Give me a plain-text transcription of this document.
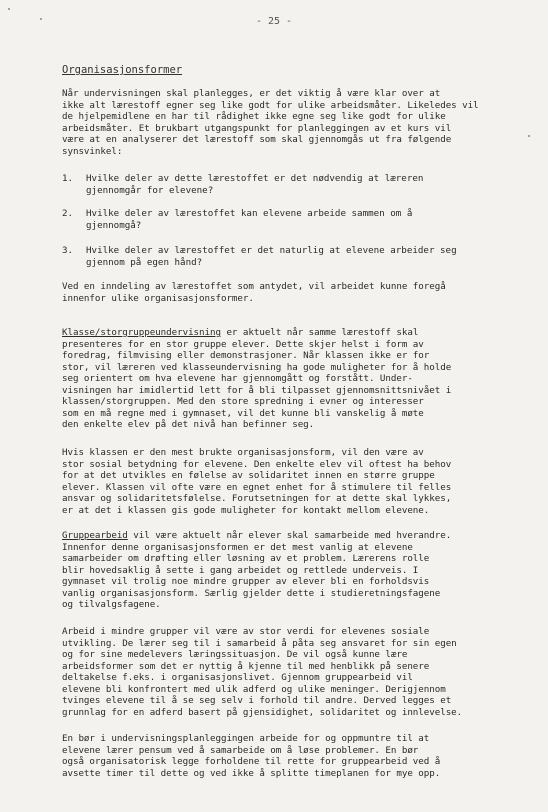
- 25 -
Organisasjonsformer

Når undervisningen skal planlegges, er det viktig å være klar over at
ikke alt lærestoff egner seg like godt for ulike arbeidsmåter. Likeledes vil
de hjelpemidlene en har til rådighet ikke egne seg like godt for ulike
arbeidsmåter. Et brukbart utgangspunkt for planleggingen av et kurs vil
være at en analyserer det lærestoff som skal gjennomgås ut fra følgende
synsvinkel:

1. Hvilke deler av dette lærestoffet er det nødvendig at læreren
gjennomgår for elevene?
2. Hvilke deler av lærestoffet kan elevene arbeide sammen om å
gjennomgå?
3. Hvilke deler av lærestoffet er det naturlig at elevene arbeider seg
gjennom på egen hånd?

Ved en inndeling av lærestoffet som antydet, vil arbeidet kunne foregå
innenfor ulike organisasjonsformer.

Klasse/storgruppeundervisning er aktuelt når samme lærestoff skal
presenteres for en stor gruppe elever. Dette skjer helst i form av
foredrag, filmvising eller demonstrasjoner. Når klassen ikke er for
stor, vil læreren ved klasseundervisning ha gode muligheter for å holde
seg orientert om hva elevene har gjennomgått og forstått. Under-
visningen har imidlertid lett for å bli tilpasset gjennomsnittsnivået i
klassen/storgruppen. Med den store spredning i evner og interesser
som en må regne med i gymnaset, vil det kunne bli vanskelig å møte
den enkelte elev på det nivå han befinner seg.

Hvis klassen er den mest brukte organisasjonsform, vil den være av
stor sosial betydning for elevene. Den enkelte elev vil oftest ha behov
for at det utvikles en følelse av solidaritet innen en større gruppe
elever. Klassen vil ofte være en egnet enhet for å stimulere til felles
ansvar og solidaritetsfølelse. Forutsetningen for at dette skal lykkes,
er at det i klassen gis gode muligheter for kontakt mellom elevene.

Gruppearbeid vil være aktuelt når elever skal samarbeide med hverandre.
Innenfor denne organisasjonsformen er det mest vanlig at elevene
samarbeider om drøfting eller løsning av et problem. Lærerens rolle
blir hovedsaklig å sette i gang arbeidet og rettlede underveis. I
gymnaset vil trolig noe mindre grupper av elever bli en forholdsvis
vanlig organisasjonsform. Særlig gjelder dette i studieretningsfagene
og tilvalgsfagene.

Arbeid i mindre grupper vil være av stor verdi for elevenes sosiale
utvikling. De lærer seg til i samarbeid å påta seg ansvaret for sin egen
og for sine medelevers læringssituasjon. De vil også kunne lære
arbeidsformer som det er nyttig å kjenne til med henblikk på senere
deltakelse f.eks. i organisasjonslivet. Gjennom gruppearbeid vil
elevene bli konfrontert med ulik adferd og ulike meninger. Derigjennom
tvinges elevene til å se seg selv i forhold til andre. Derved legges et
grunnlag for en adferd basert på gjensidighet, solidaritet og innlevelse.

En bør i undervisningsplanleggingen arbeide for og oppmuntre til at
elevene lærer pensum ved å samarbeide om å løse problemer. En bør
også organisatorisk legge forholdene til rette for gruppearbeid ved å
avsette timer til dette og ved ikke å splitte timeplanen for mye opp.
